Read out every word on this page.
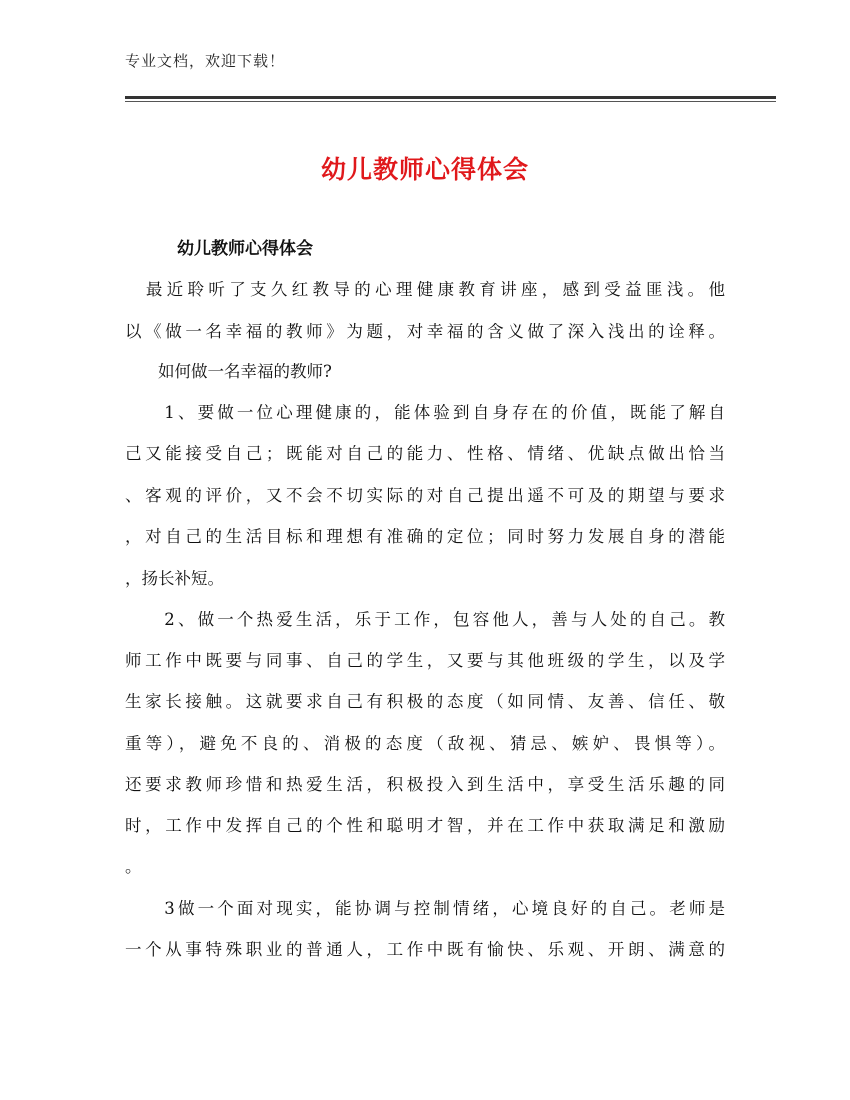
专业文档，欢迎下载！
幼儿教师心得体会
幼儿教师心得体会
　最近聆听了支久红教导的心理健康教育讲座，感到受益匪浅。他
以《做一名幸福的教师》为题，对幸福的含义做了深入浅出的诠释。
　　如何做一名幸福的教师?
　　1、要做一位心理健康的，能体验到自身存在的价值，既能了解自
己又能接受自己；既能对自己的能力、性格、情绪、优缺点做出恰当
、客观的评价，又不会不切实际的对自己提出遥不可及的期望与要求
，对自己的生活目标和理想有准确的定位；同时努力发展自身的潜能
，扬长补短。
　　2、做一个热爱生活，乐于工作，包容他人，善与人处的自己。教
师工作中既要与同事、自己的学生，又要与其他班级的学生，以及学
生家长接触。这就要求自己有积极的态度（如同情、友善、信任、敬
重等），避免不良的、消极的态度（敌视、猜忌、嫉妒、畏惧等）。
还要求教师珍惜和热爱生活，积极投入到生活中，享受生活乐趣的同
时，工作中发挥自己的个性和聪明才智，并在工作中获取满足和激励
。
　　3做一个面对现实，能协调与控制情绪，心境良好的自己。老师是
一个从事特殊职业的普通人，工作中既有愉快、乐观、开朗、满意的
